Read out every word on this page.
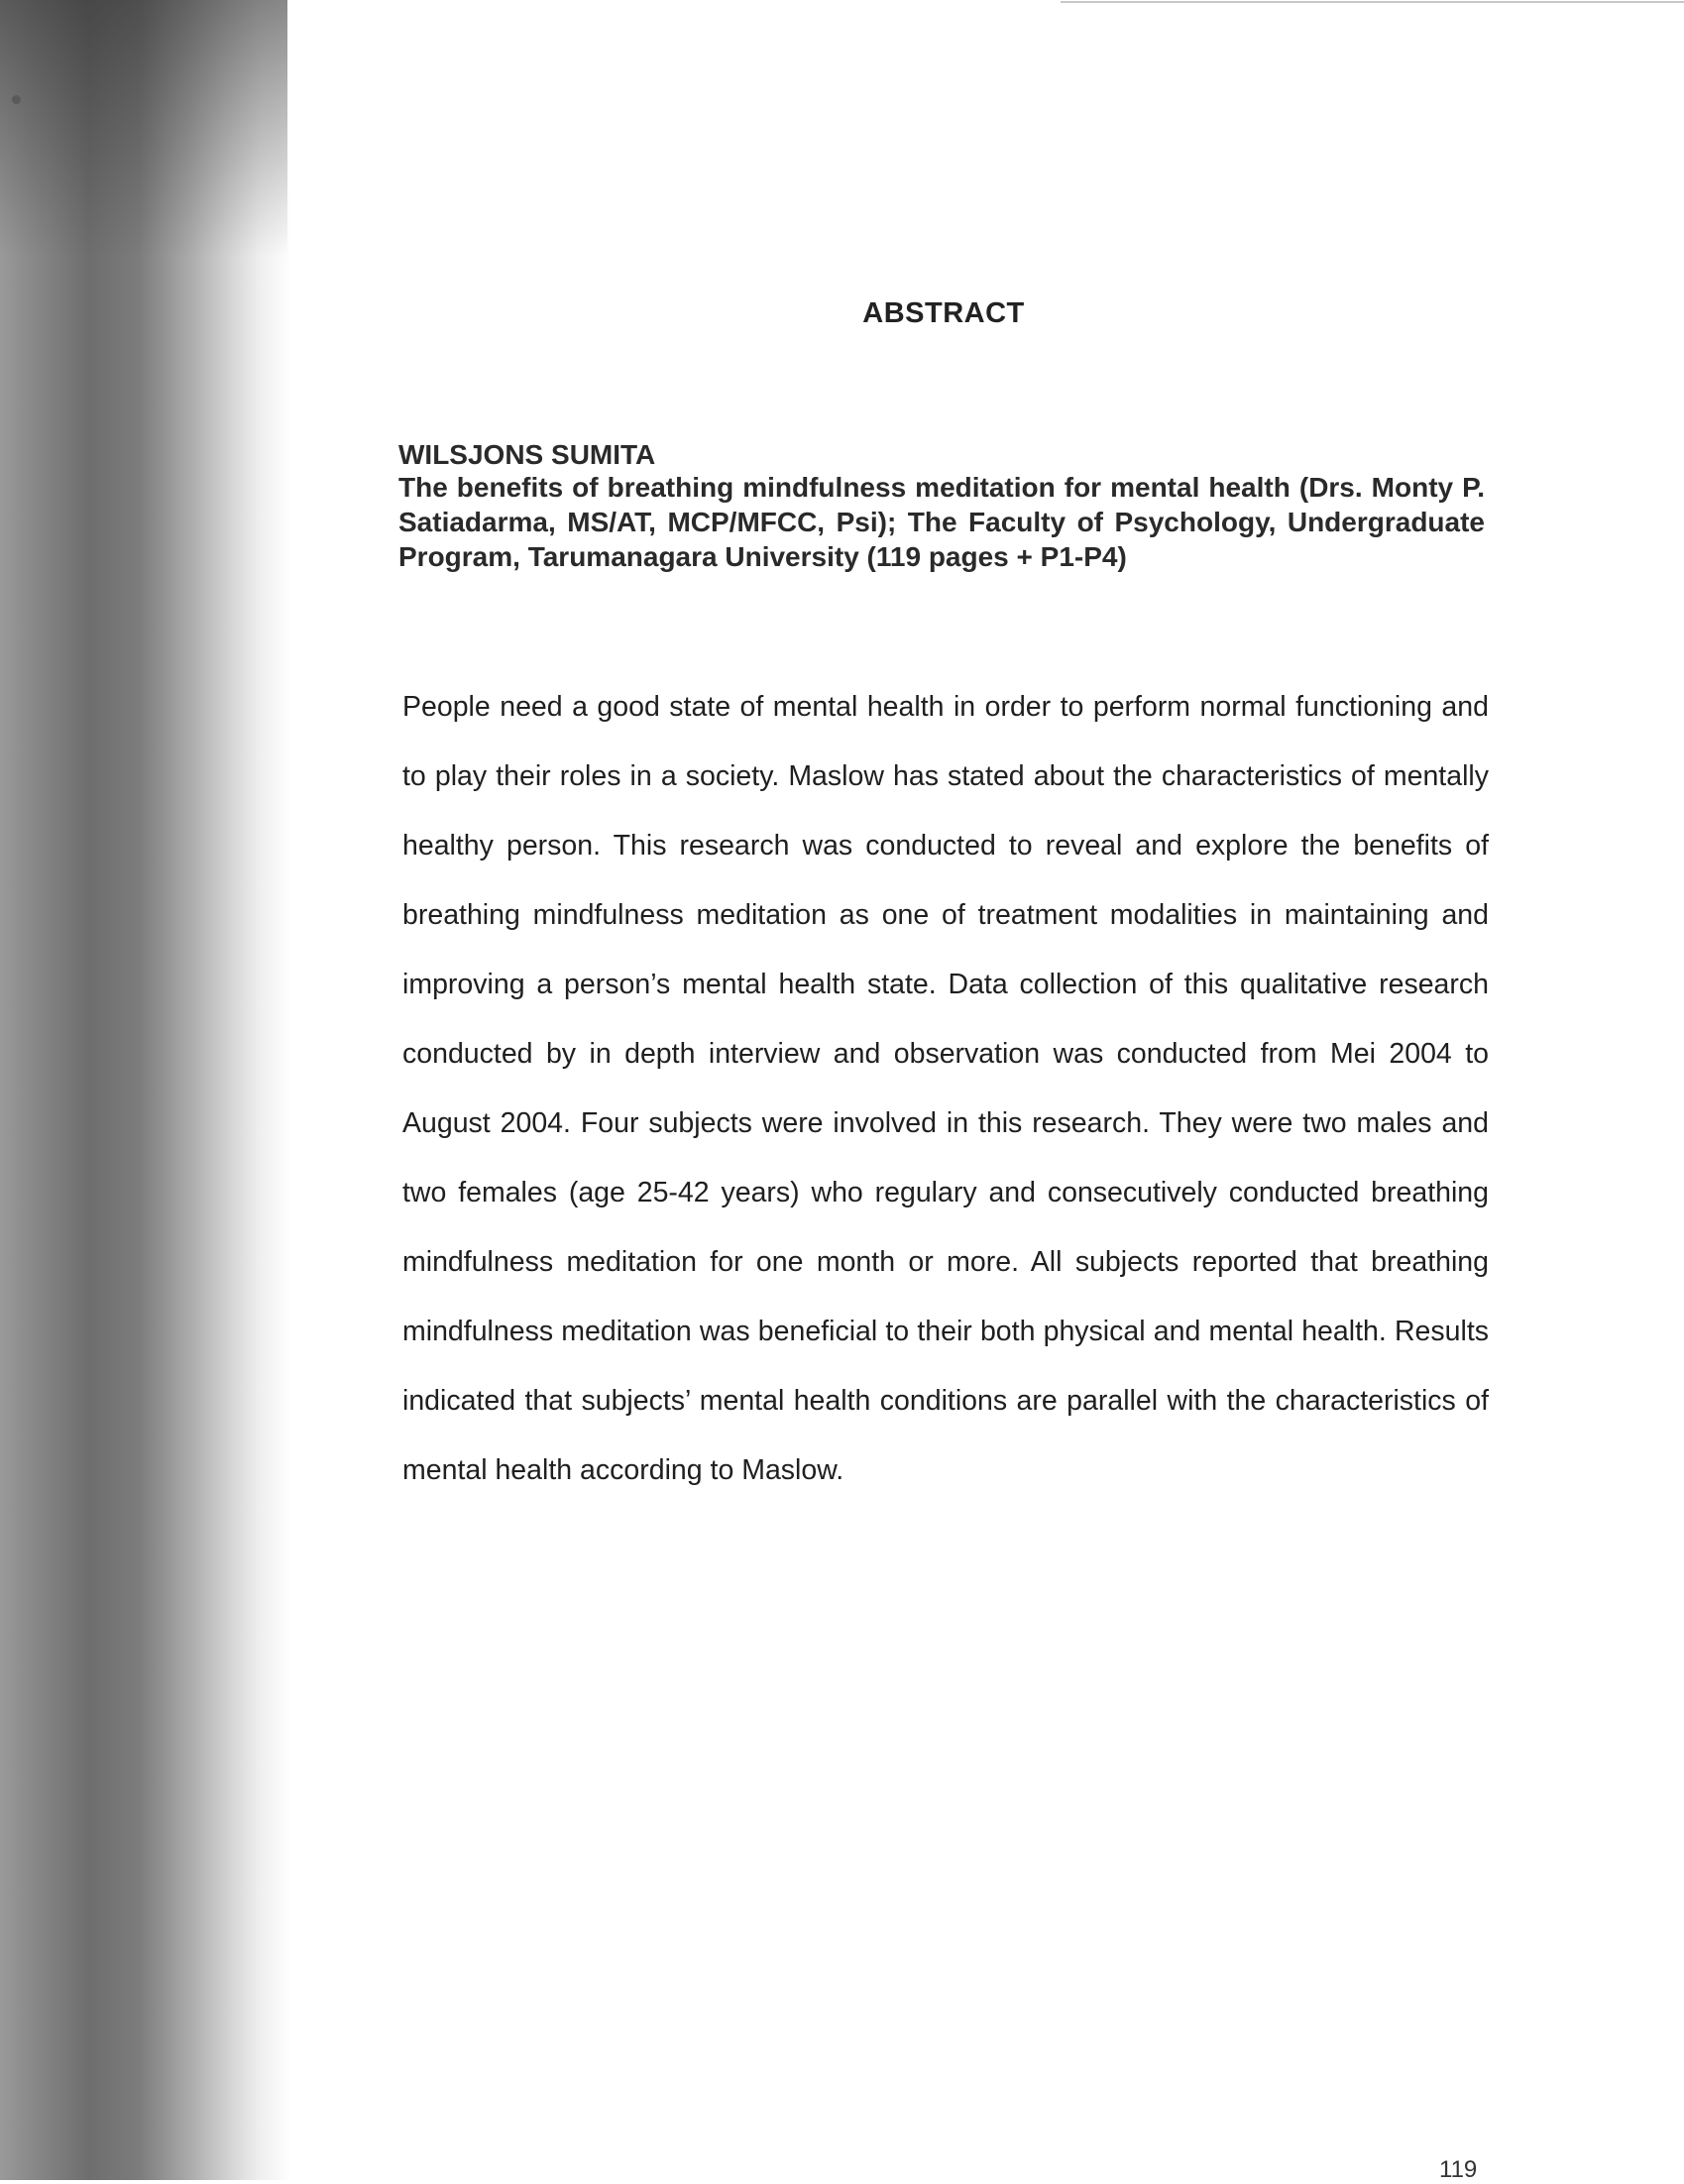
ABSTRACT
WILSJONS SUMITA
The benefits of breathing mindfulness meditation for mental health (Drs. Monty P. Satiadarma, MS/AT, MCP/MFCC, Psi); The Faculty of Psychology, Undergraduate Program, Tarumanagara University (119 pages + P1-P4)
People need a good state of mental health in order to perform normal functioning and to play their roles in a society. Maslow has stated about the characteristics of mentally healthy person. This research was conducted to reveal and explore the benefits of breathing mindfulness meditation as one of treatment modalities in maintaining and improving a person’s mental health state. Data collection of this qualitative research conducted by in depth interview and observation was conducted from Mei 2004 to August 2004. Four subjects were involved in this research. They were two males and two females (age 25-42 years) who regulary and consecutively conducted breathing mindfulness meditation for one month or more. All subjects reported that breathing mindfulness meditation was beneficial to their both physical and mental health. Results indicated that subjects’ mental health conditions are parallel with the characteristics of mental health according to Maslow.
119
